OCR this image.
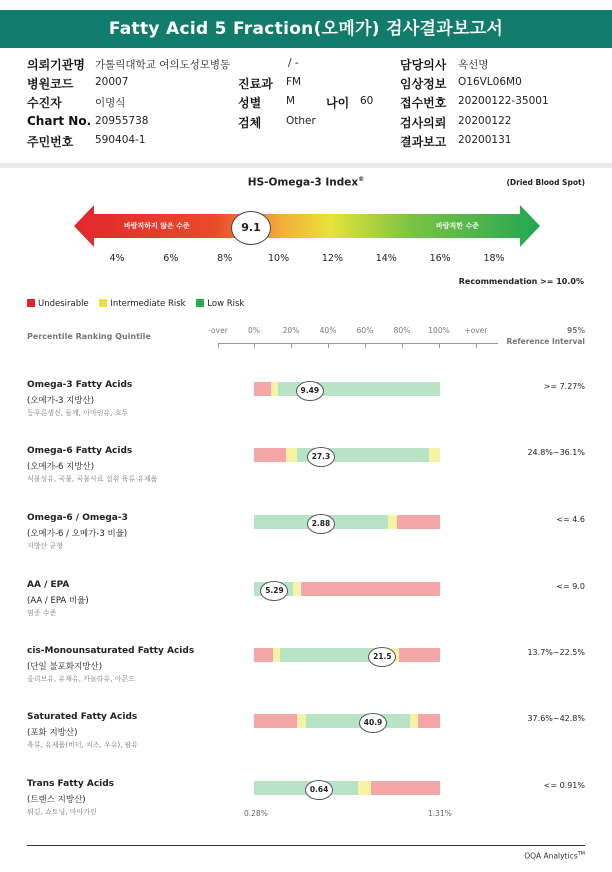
Fatty Acid 5 Fraction(오메가) 검사결과보고서
의뢰기관명 가톨릭대학교 여의도성모병동	/ -
병원코드 20007
수진자	이명식
Chart No. 20955738
주민번호 590404-1
진료과 FM
성별 M	나이 60
검체 Other
담당의사 옥선명
임상정보 O16VL06M0
접수번호 20200122-35001
검사의뢰 20200122
결과보고 20200131
HS-Omega-3 Index®	(Dried Blood Spot)
바람직하지 않은 수준	바람직한 수준
9.1
4%	6%	8%	10%	12%	14%	16%	18%
Recommendation >= 10.0%
Undesirable	Intermediate Risk	Low Risk
Percentile Ranking Quintile
-over	0%	20%	40%	60%	80% 100% +over	95%
Reference Interval
Omega-3 Fatty Acids
(오메가-3 지방산)
등푸른생선, 들깨, 아마인유, 호두
9.49	>= 7.27%
Omega-6 Fatty Acids
(오메가-6 지방산)
식물성유, 곡물, 곡물사료 섭취 육류·유제품
27.3	24.8%~36.1%
Omega-6 / Omega-3
(오메가-6 / 오메가-3 비율)
지방산 균형
2.88	<= 4.6
AA / EPA
(AA / EPA 비율)
염증 수준
5.29	<= 9.0
cis-Monounsaturated Fatty Acids
(단일 불포화지방산)
올리브유, 유채유, 카놀라유, 아몬드
21.5	13.7%~22.5%
Saturated Fatty Acids
(포화 지방산)
육류, 유제품(버터, 치즈, 우유), 팜유
40.9	37.6%~42.8%
Trans Fatty Acids
(트랜스 지방산)
튀김, 쇼트닝, 마아가린
0.64	<= 0.91%
0.28%	1.31%
OQA Analytics™
